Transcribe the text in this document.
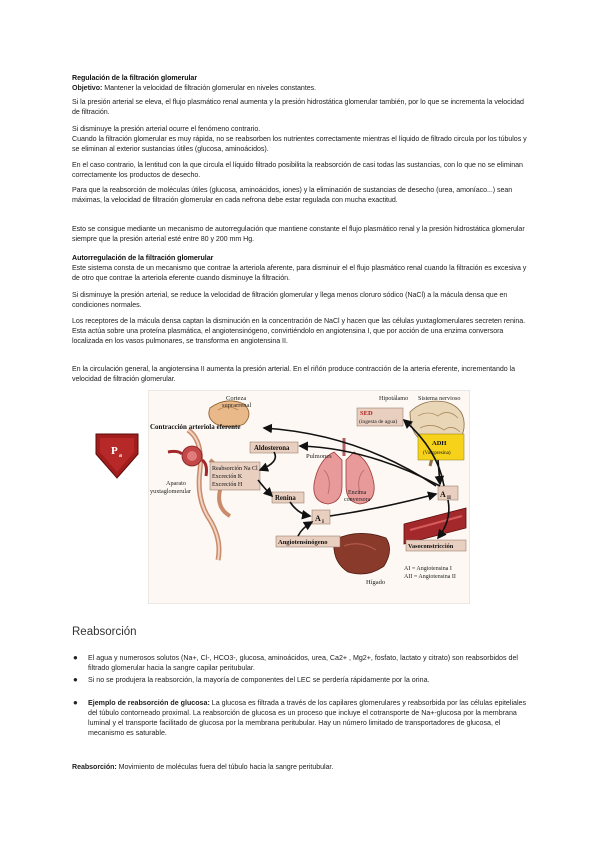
Regulación de la filtración glomerular
Objetivo: Mantener la velocidad de filtración glomerular en niveles constantes.
Si la presión arterial se eleva, el flujo plasmático renal aumenta y la presión hidrostática glomerular también, por lo que se incrementa la velocidad de filtración.
Si disminuye la presión arterial ocurre el fenómeno contrario.
Cuando la filtración glomerular es muy rápida, no se reabsorben los nutrientes correctamente mientras el líquido de filtrado circula por los túbulos y se eliminan al exterior sustancias útiles (glucosa, aminoácidos).
En el caso contrario, la lentitud con la que circula el líquido filtrado posibilita la reabsorción de casi todas las sustancias, con lo que no se eliminan correctamente los productos de desecho.
Para que la reabsorción de moléculas útiles (glucosa, aminoácidos, iones) y la eliminación de sustancias de desecho (urea, amoníaco...) sean máximas, la velocidad de filtración glomerular en cada nefrona debe estar regulada con mucha exactitud.
Esto se consigue mediante un mecanismo de autorregulación que mantiene constante el flujo plasmático renal y la presión hidrostática glomerular siempre que la presión arterial esté entre 80 y 200 mm Hg.
Autorregulación de la filtración glomerular
Este sistema consta de un mecanismo que contrae la arteriola aferente, para disminuir el el flujo plasmático renal cuando la filtración es excesiva y de otro que contrae la arteriola eferente cuando disminuye la filtración.
Si disminuye la presión arterial, se reduce la velocidad de filtración glomerular y llega menos cloruro sódico (NaCl) a la mácula densa que en condiciones normales.
Los receptores de la mácula densa captan la disminución en la concentración de NaCl y hacen que las células yuxtaglomerulares secreten renina. Esta actúa sobre una proteína plasmática, el angiotensinógeno, convirtiéndolo en angiotensina I, que por acción de una enzima conversora localizada en los vasos pulmonares, se transforma en angiotensina II.
En la circulación general, la angiotensina II aumenta la presión arterial. En el riñón produce contracción de la arteria eferente, incrementando la velocidad de filtración glomerular.
P a
Corteza
suprarrenal
Hipotálamo Sistema nervioso
SED
(ingesta de agua)
Contracción arteriola eferente
Aldosterona
ADH
(Vasopresina)
Pulmones
Reabsorción Na Cl
Excreción K
Excreción H
Aparato
yuxtaglomerular
Renina
Enzima
conversora
A I
A II
Angiotensinógeno
Vasoconstricción
Hígado
AI = Angiotensina I
AII = Angiotensina II
Reabsorción
● El agua y numerosos solutos (Na+, Cl-, HCO3-, glucosa, aminoácidos, urea, Ca2+ , Mg2+, fosfato, lactato y citrato) son reabsorbidos del filtrado glomerular hacia la sangre capilar peritubular.
● Si no se produjera la reabsorción, la mayoría de componentes del LEC se perdería rápidamente por la orina.
● Ejemplo de reabsorción de glucosa: La glucosa es filtrada a través de los capilares glomerulares y reabsorbida por las células epiteliales del túbulo contorneado proximal. La reabsorción de glucosa es un proceso que incluye el cotransporte de Na+-glucosa por la membrana luminal y el transporte facilitado de glucosa por la membrana peritubular. Hay un número limitado de transportadores de glucosa, el mecanismo es saturable.
Reabsorción: Movimiento de moléculas fuera del túbulo hacia la sangre peritubular.
